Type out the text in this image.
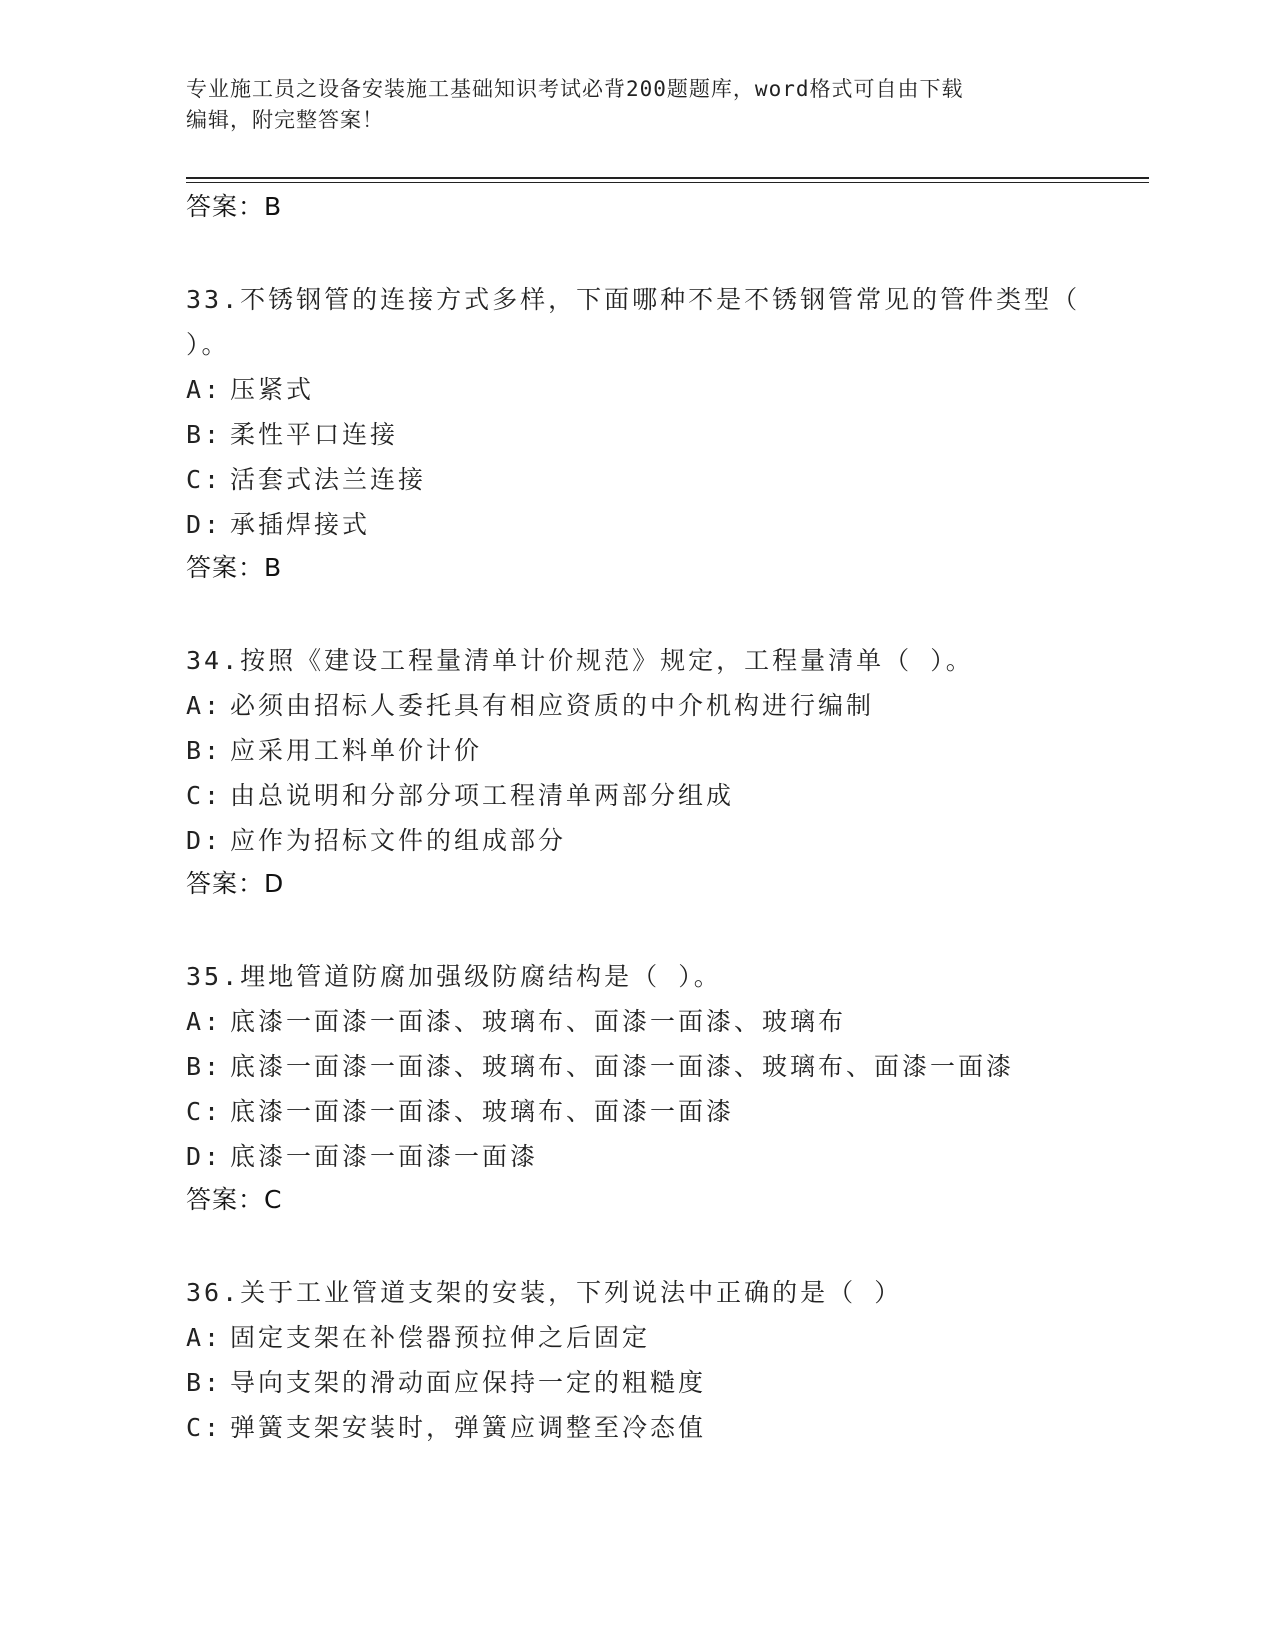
专业施工员之设备安装施工基础知识考试必背200题题库，word格式可自由下载
编辑，附完整答案！
答案：B
33.不锈钢管的连接方式多样，下面哪种不是不锈钢管常见的管件类型（ ）。
A: 压紧式
B: 柔性平口连接
C: 活套式法兰连接
D: 承插焊接式
答案：B
34.按照《建设工程量清单计价规范》规定，工程量清单（ ）。
A: 必须由招标人委托具有相应资质的中介机构进行编制
B: 应采用工料单价计价
C: 由总说明和分部分项工程清单两部分组成
D: 应作为招标文件的组成部分
答案：D
35.埋地管道防腐加强级防腐结构是（ ）。
A: 底漆一面漆一面漆、玻璃布、面漆一面漆、玻璃布
B: 底漆一面漆一面漆、玻璃布、面漆一面漆、玻璃布、面漆一面漆
C: 底漆一面漆一面漆、玻璃布、面漆一面漆
D: 底漆一面漆一面漆一面漆
答案：C
36.关于工业管道支架的安装，下列说法中正确的是（ ）
A: 固定支架在补偿器预拉伸之后固定
B: 导向支架的滑动面应保持一定的粗糙度
C: 弹簧支架安装时，弹簧应调整至冷态值
